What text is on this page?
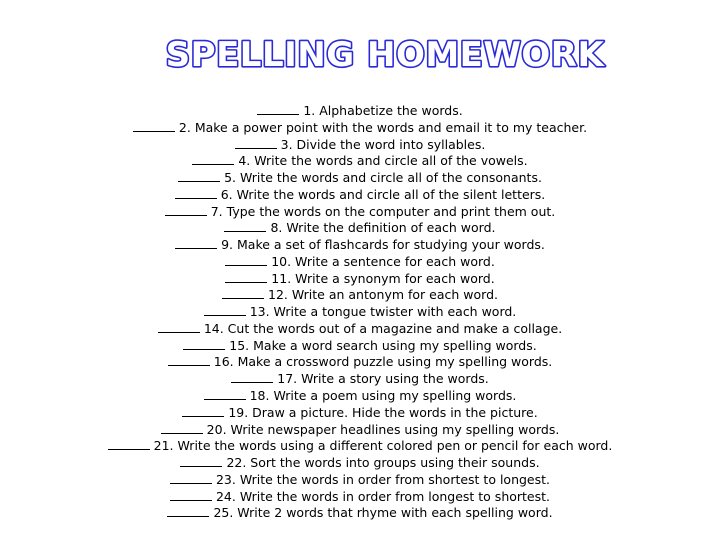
SPELLING HOMEWORK
1. Alphabetize the words.
2. Make a power point with the words and email it to my teacher.
3. Divide the word into syllables.
4. Write the words and circle all of the vowels.
5. Write the words and circle all of the consonants.
6. Write the words and circle all of the silent letters.
7. Type the words on the computer and print them out.
8. Write the definition of each word.
9. Make a set of flashcards for studying your words.
10. Write a sentence for each word.
11. Write a synonym for each word.
12. Write an antonym for each word.
13. Write a tongue twister with each word.
14. Cut the words out of a magazine and make a collage.
15. Make a word search using my spelling words.
16. Make a crossword puzzle using my spelling words.
17. Write a story using the words.
18. Write a poem using my spelling words.
19. Draw a picture. Hide the words in the picture.
20. Write newspaper headlines using my spelling words.
21. Write the words using a different colored pen or pencil for each word.
22. Sort the words into groups using their sounds.
23. Write the words in order from shortest to longest.
24. Write the words in order from longest to shortest.
25. Write 2 words that rhyme with each spelling word.
